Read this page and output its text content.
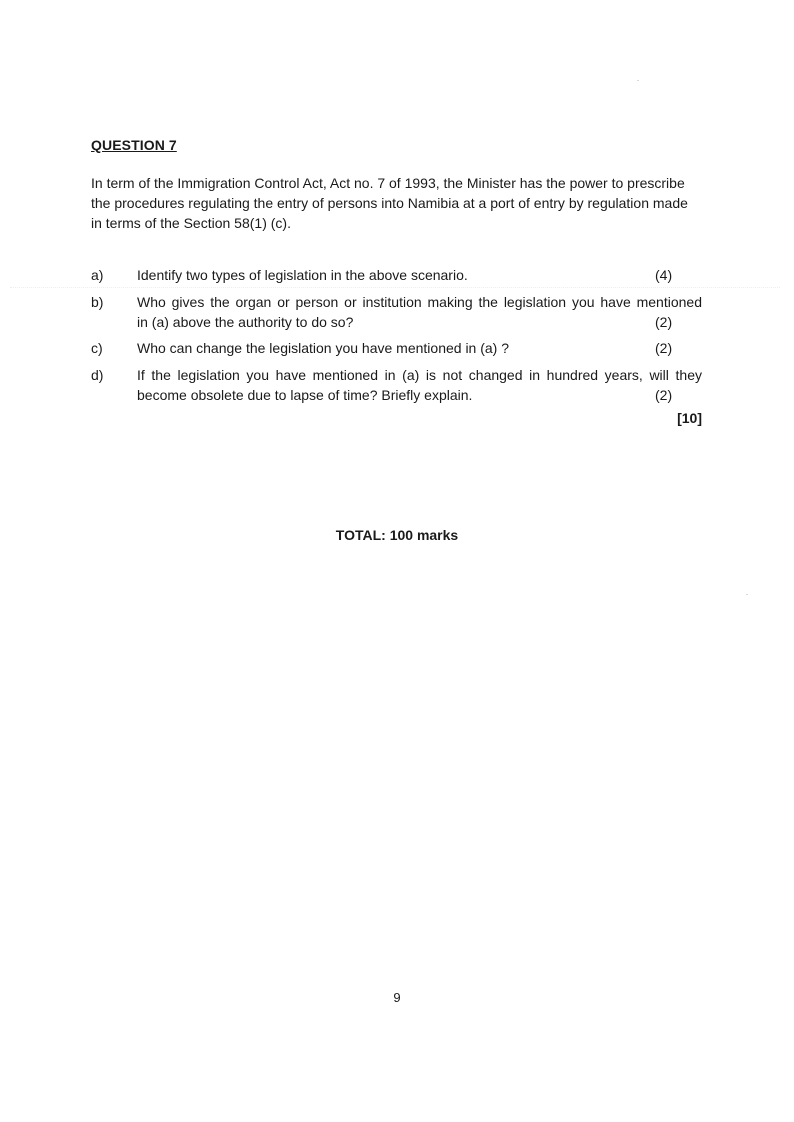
QUESTION 7
In term of the Immigration Control Act, Act no. 7 of 1993, the Minister has the power to prescribe
the procedures regulating the entry of persons into Namibia at a port of entry by regulation made
in terms of the Section 58(1) (c).
a) Identify two types of legislation in the above scenario.	(4)
b) Who gives the organ or person or institution making the legislation you have mentioned
in (a) above the authority to do so?	(2)
c) Who can change the legislation you have mentioned in (a) ?	(2)
d) If the legislation you have mentioned in (a) is not changed in hundred years, will they
become obsolete due to lapse of time? Briefly explain.	(2)
[10]
TOTAL: 100 marks
9
